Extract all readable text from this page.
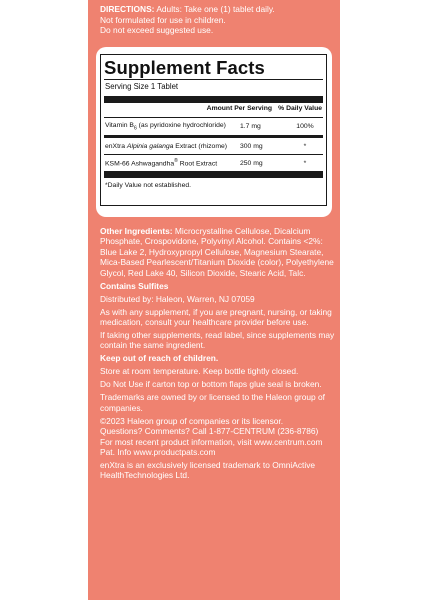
DIRECTIONS: Adults: Take one (1) tablet daily.
Not formulated for use in children.
Do not exceed suggested use.
Supplement Facts
Serving Size 1 Tablet
Amount Per Serving % Daily Value
Vitamin $B_6$ (as pyridoxine hydrochloride)	1.7 mg	100%
enXtra Alpinia galanga Extract (rhizome)	300 mg	*
KSM-66 Ashwagandha® Root Extract	250 mg	*
*Daily Value not established.

Other Ingredients: Microcrystalline Cellulose, Dicalcium Phosphate, Crospovidone, Polyvinyl Alcohol. Contains <2%: Blue Lake 2, Hydroxypropyl Cellulose, Magnesium Stearate, Mica-Based Pearlescent/Titanium Dioxide (color), Polyethylene Glycol, Red Lake 40, Silicon Dioxide, Stearic Acid, Talc.

Contains Sulfites

Distributed by: Haleon, Warren, NJ 07059

As with any supplement, if you are pregnant, nursing, or taking medication, consult your healthcare provider before use.

If taking other supplements, read label, since supplements may contain the same ingredient.

Keep out of reach of children.

Store at room temperature. Keep bottle tightly closed.

Do Not Use if carton top or bottom flaps glue seal is broken.

Trademarks are owned by or licensed to the Haleon group of companies.

©2023 Haleon group of companies or its licensor.

Questions? Comments? Call 1-877-CENTRUM (236-8786)

For most recent product information, visit www.centrum.com

Pat. Info www.productpats.com

enXtra is an exclusively licensed trademark to OmniActive HealthTechnologies Ltd.
